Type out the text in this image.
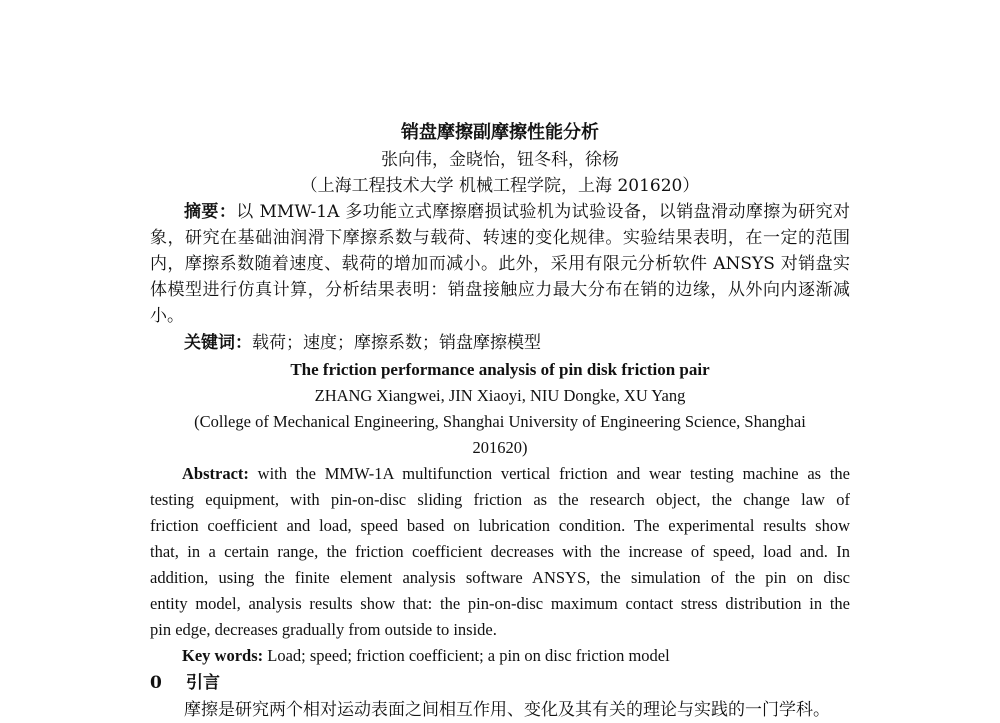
销盘摩擦副摩擦性能分析
张向伟，金晓怡，钮冬科，徐杨
（上海工程技术大学 机械工程学院，上海 201620）
摘要：以 MMW-1A 多功能立式摩擦磨损试验机为试验设备，以销盘滑动摩擦为研究对
象，研究在基础油润滑下摩擦系数与载荷、转速的变化规律。实验结果表明，在一定的范围
内，摩擦系数随着速度、载荷的增加而减小。此外，采用有限元分析软件 ANSYS 对销盘实
体模型进行仿真计算，分析结果表明：销盘接触应力最大分布在销的边缘，从外向内逐渐减
小。
关键词：载荷；速度；摩擦系数；销盘摩擦模型
The friction performance analysis of pin disk friction pair
ZHANG Xiangwei, JIN Xiaoyi, NIU Dongke, XU Yang
(College of Mechanical Engineering, Shanghai University of Engineering Science, Shanghai
201620)
Abstract: with the MMW-1A multifunction vertical friction and wear testing machine as the
testing equipment, with pin-on-disc sliding friction as the research object, the change law of
friction coefficient and load, speed based on lubrication condition. The experimental results show
that, in a certain range, the friction coefficient decreases with the increase of speed, load and. In
addition, using the finite element analysis software ANSYS, the simulation of the pin on disc
entity model, analysis results show that: the pin-on-disc maximum contact stress distribution in the
pin edge, decreases gradually from outside to inside.
Key words: Load; speed; friction coefficient; a pin on disc friction model
0 引言
摩擦是研究两个相对运动表面之间相互作用、变化及其有关的理论与实践的一门学科。
